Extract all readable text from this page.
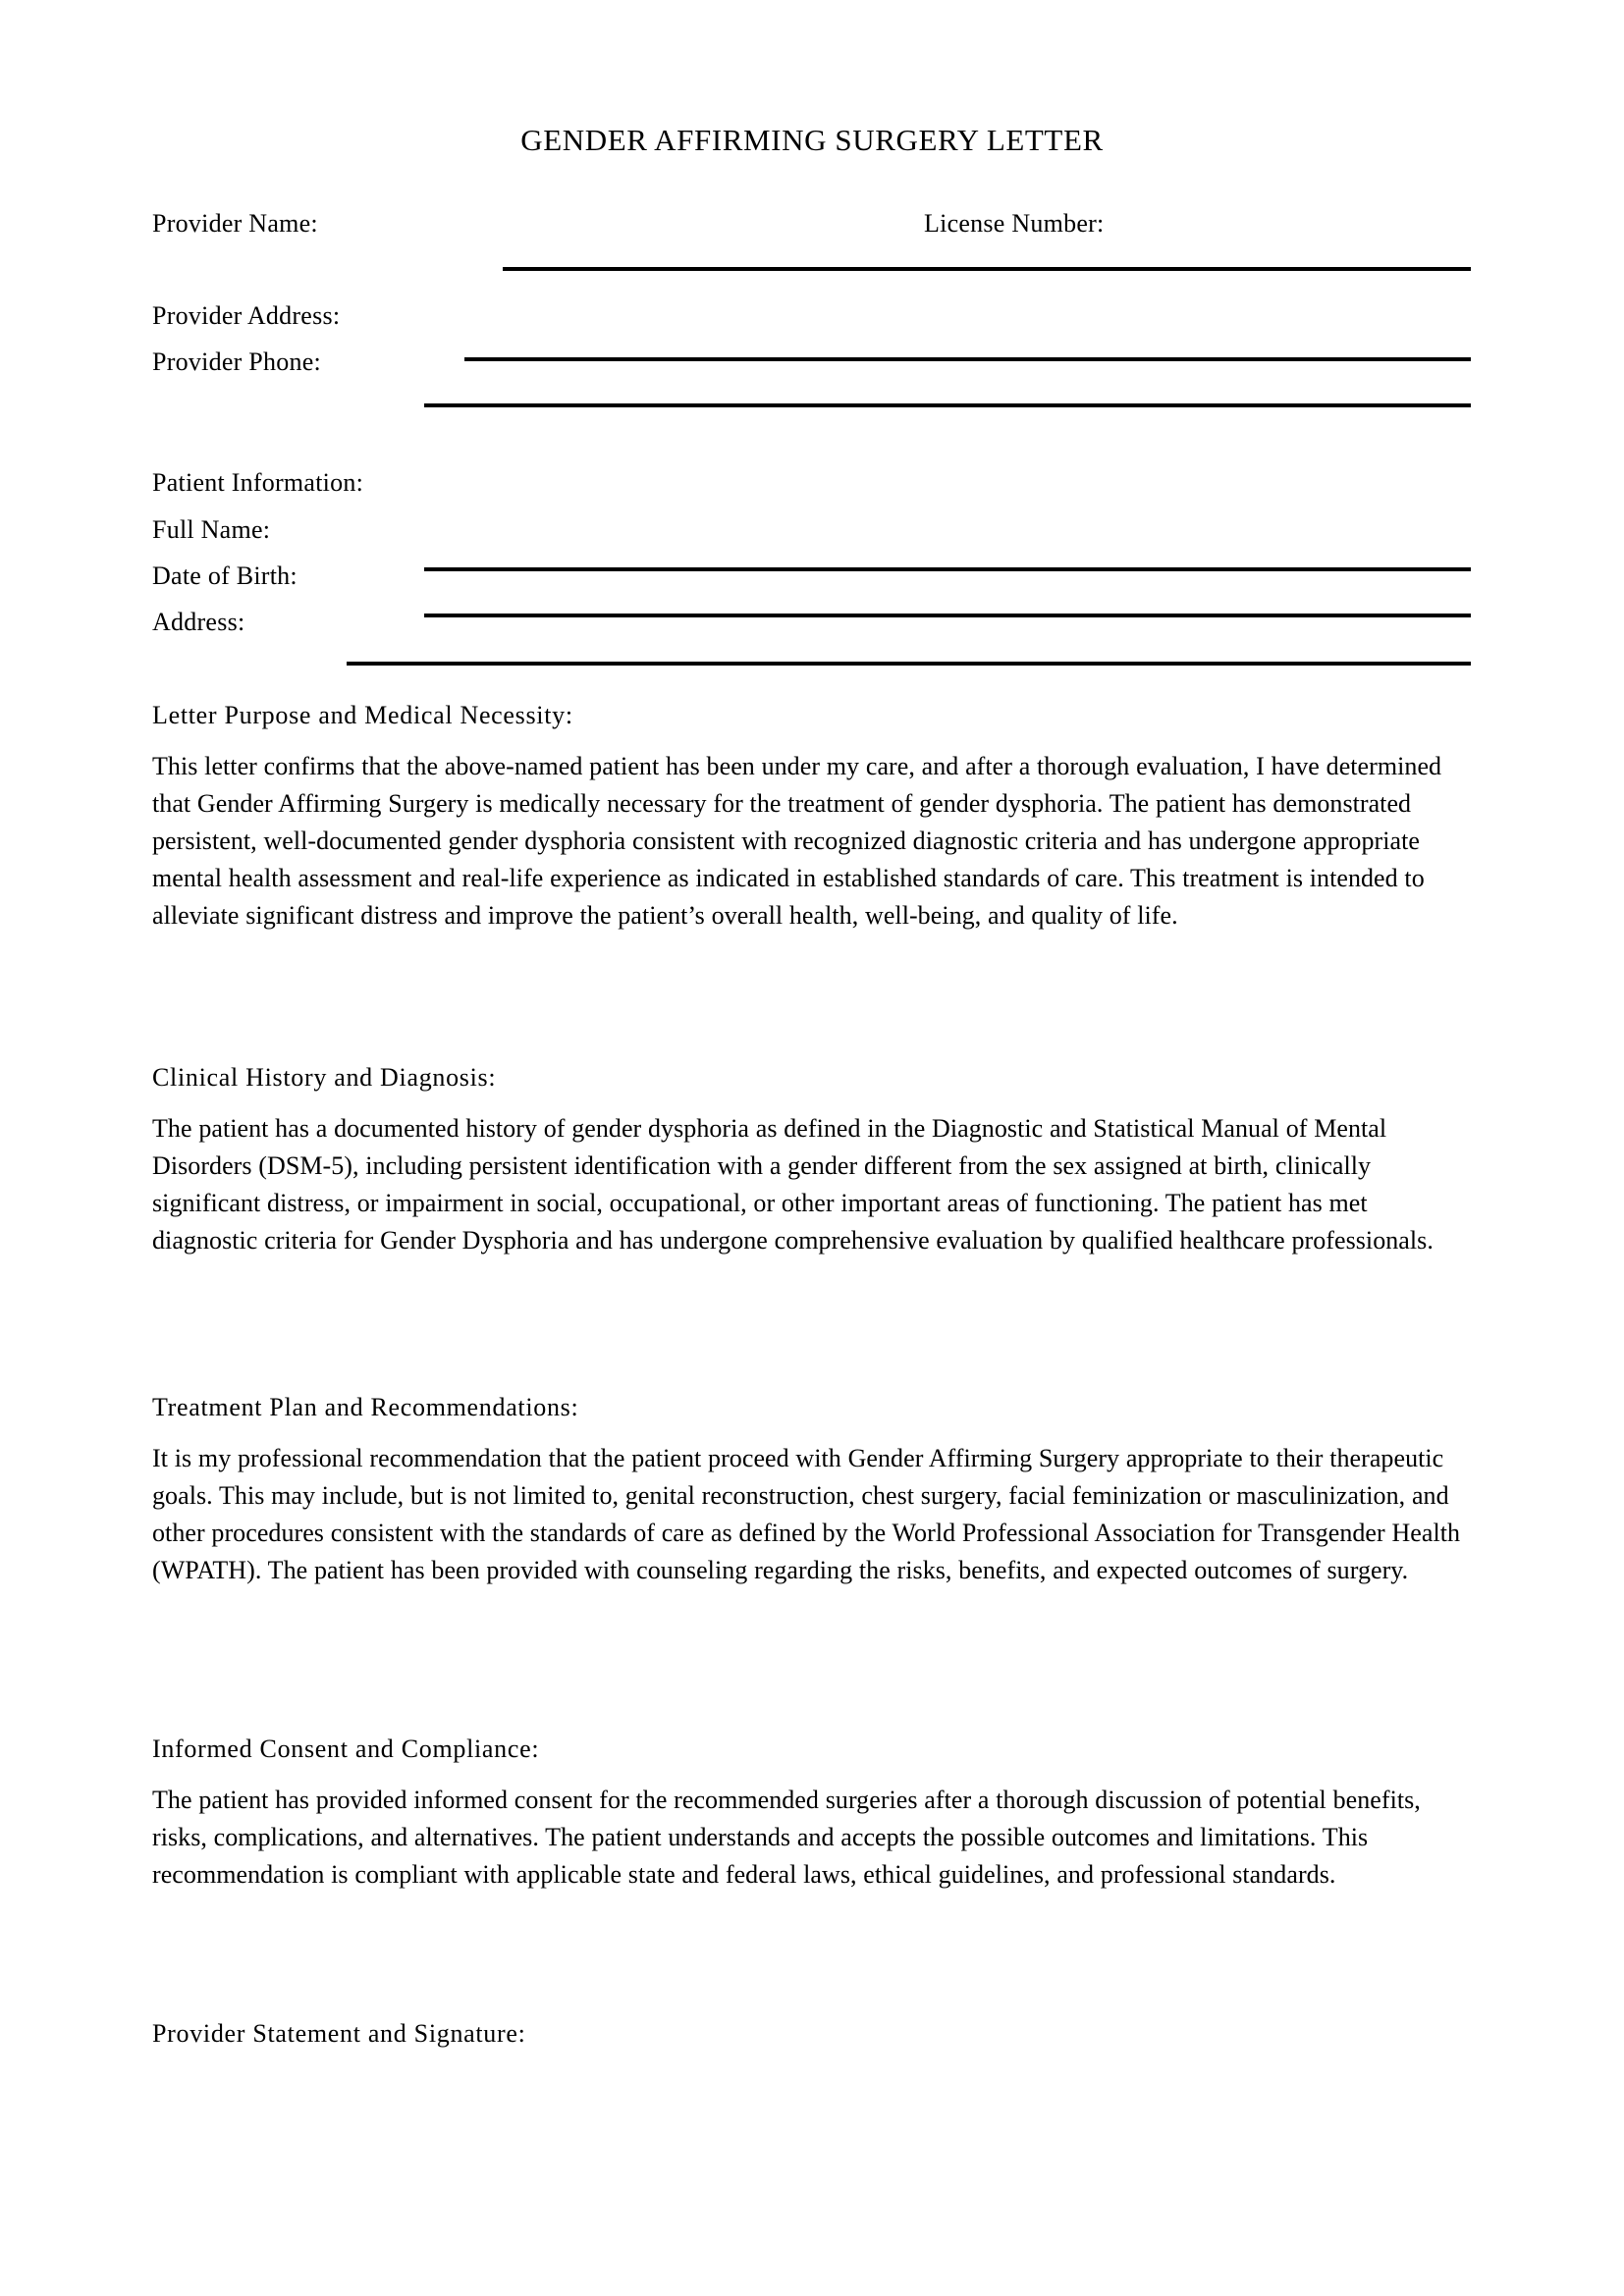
GENDER AFFIRMING SURGERY LETTER
Provider Name:	License Number:
Provider Address:
Provider Phone:
Patient Information:
Full Name:
Date of Birth:
Address:
Letter Purpose and Medical Necessity:
This letter confirms that the above-named patient has been under my care, and after a thorough evaluation, I have determined that Gender Affirming Surgery is medically necessary for the treatment of gender dysphoria. The patient has demonstrated persistent, well-documented gender dysphoria consistent with recognized diagnostic criteria and has undergone appropriate mental health assessment and real-life experience as indicated in established standards of care. This treatment is intended to alleviate significant distress and improve the patient’s overall health, well-being, and quality of life.
Clinical History and Diagnosis:
The patient has a documented history of gender dysphoria as defined in the Diagnostic and Statistical Manual of Mental Disorders (DSM-5), including persistent identification with a gender different from the sex assigned at birth, clinically significant distress, or impairment in social, occupational, or other important areas of functioning. The patient has met diagnostic criteria for Gender Dysphoria and has undergone comprehensive evaluation by qualified healthcare professionals.
Treatment Plan and Recommendations:
It is my professional recommendation that the patient proceed with Gender Affirming Surgery appropriate to their therapeutic goals. This may include, but is not limited to, genital reconstruction, chest surgery, facial feminization or masculinization, and other procedures consistent with the standards of care as defined by the World Professional Association for Transgender Health (WPATH). The patient has been provided with counseling regarding the risks, benefits, and expected outcomes of surgery.
Informed Consent and Compliance:
The patient has provided informed consent for the recommended surgeries after a thorough discussion of potential benefits, risks, complications, and alternatives. The patient understands and accepts the possible outcomes and limitations. This recommendation is compliant with applicable state and federal laws, ethical guidelines, and professional standards.
Provider Statement and Signature:
